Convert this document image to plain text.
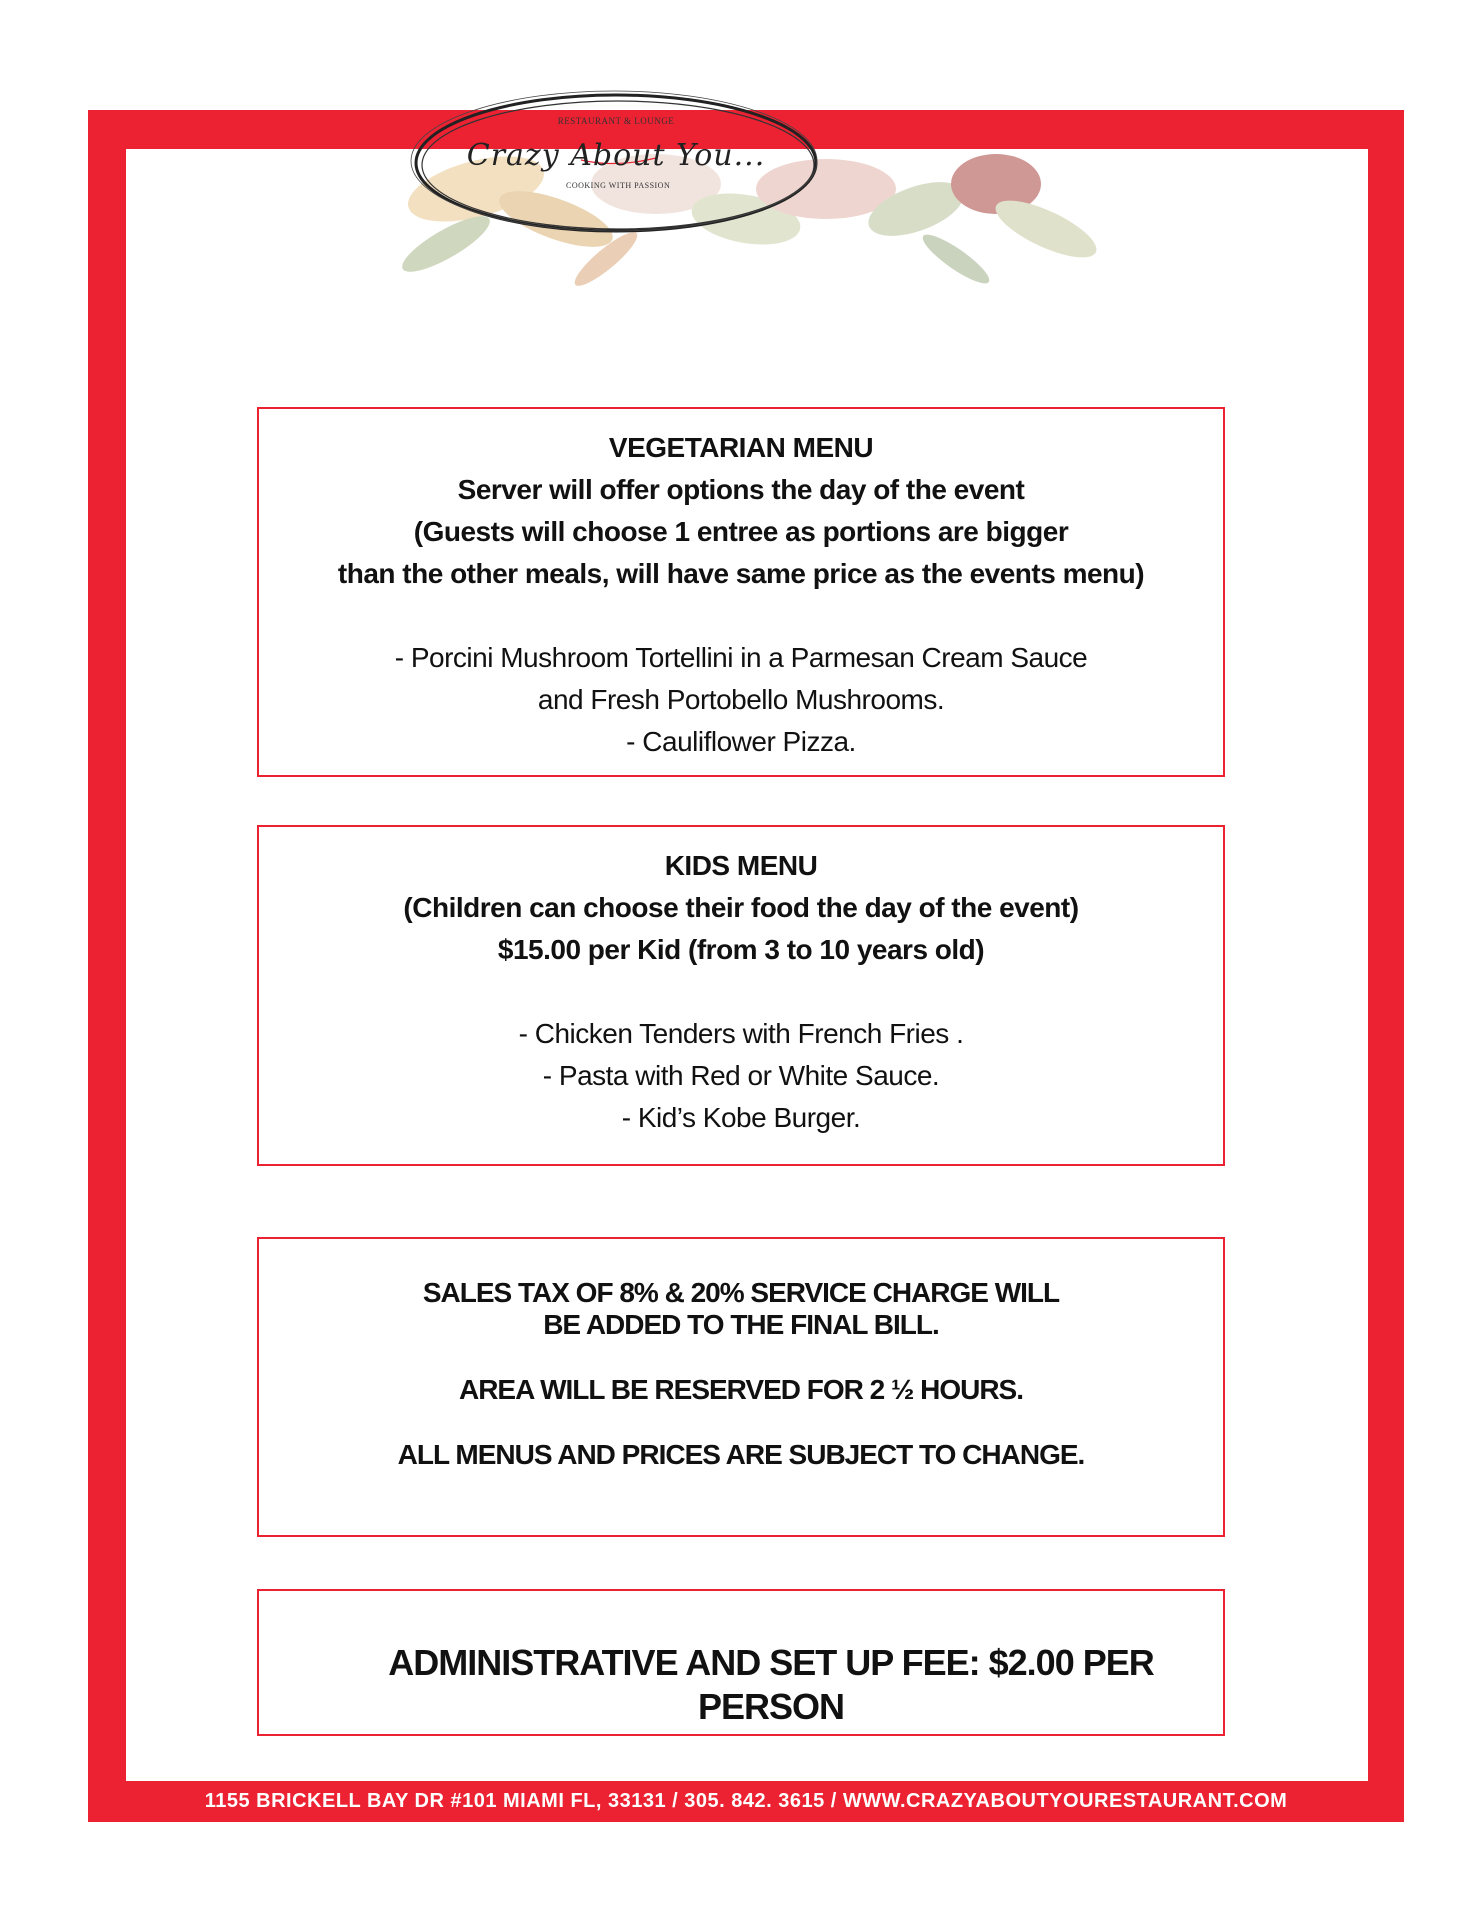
RESTAURANT & LOUNGE
Crazy About You...
COOKING WITH PASSION
VEGETARIAN MENU
Server will offer options the day of the event
(Guests will choose 1 entree as portions are bigger
than the other meals, will have same price as the events menu)
- Porcini Mushroom Tortellini in a Parmesan Cream Sauce
and Fresh Portobello Mushrooms.
- Cauliflower Pizza.
KIDS MENU
(Children can choose their food the day of the event)
$15.00 per Kid (from 3 to 10 years old)
- Chicken Tenders with French Fries .
- Pasta with Red or White Sauce.
- Kid’s Kobe Burger.
SALES TAX OF 8% & 20% SERVICE CHARGE WILL
BE ADDED TO THE FINAL BILL.
AREA WILL BE RESERVED FOR 2 ½ HOURS.
ALL MENUS AND PRICES ARE SUBJECT TO CHANGE.
ADMINISTRATIVE AND SET UP FEE: $2.00 PER PERSON
1155 BRICKELL BAY DR #101 MIAMI FL, 33131 / 305. 842. 3615 / WWW.CRAZYABOUTYOURESTAURANT.COM
